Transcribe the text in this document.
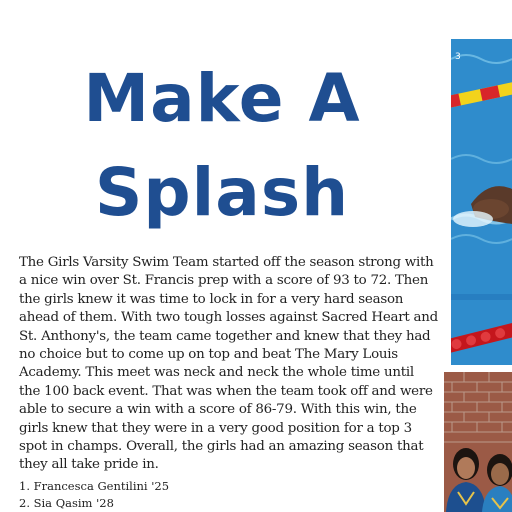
Make A
Splash

The Girls Varsity Swim Team started off the season strong with a nice win over St. Francis prep with a score of 93 to 72. Then the girls knew it was time to lock in for a very hard season ahead of them. With two tough losses against Sacred Heart and St. Anthony's, the team came together and knew that they had no choice but to come up on top and beat The Mary Louis Academy. This meet was neck and neck the whole time until the 100 back event. That was when the team took off and were able to secure a win with a score of 86-79. With this win, the girls knew that they were in a very good position for a top 3 spot in champs. Overall, the girls had an amazing season that they all take pride in.

1. Francesca Gentilini '25
2. Sia Qasim '28
3
